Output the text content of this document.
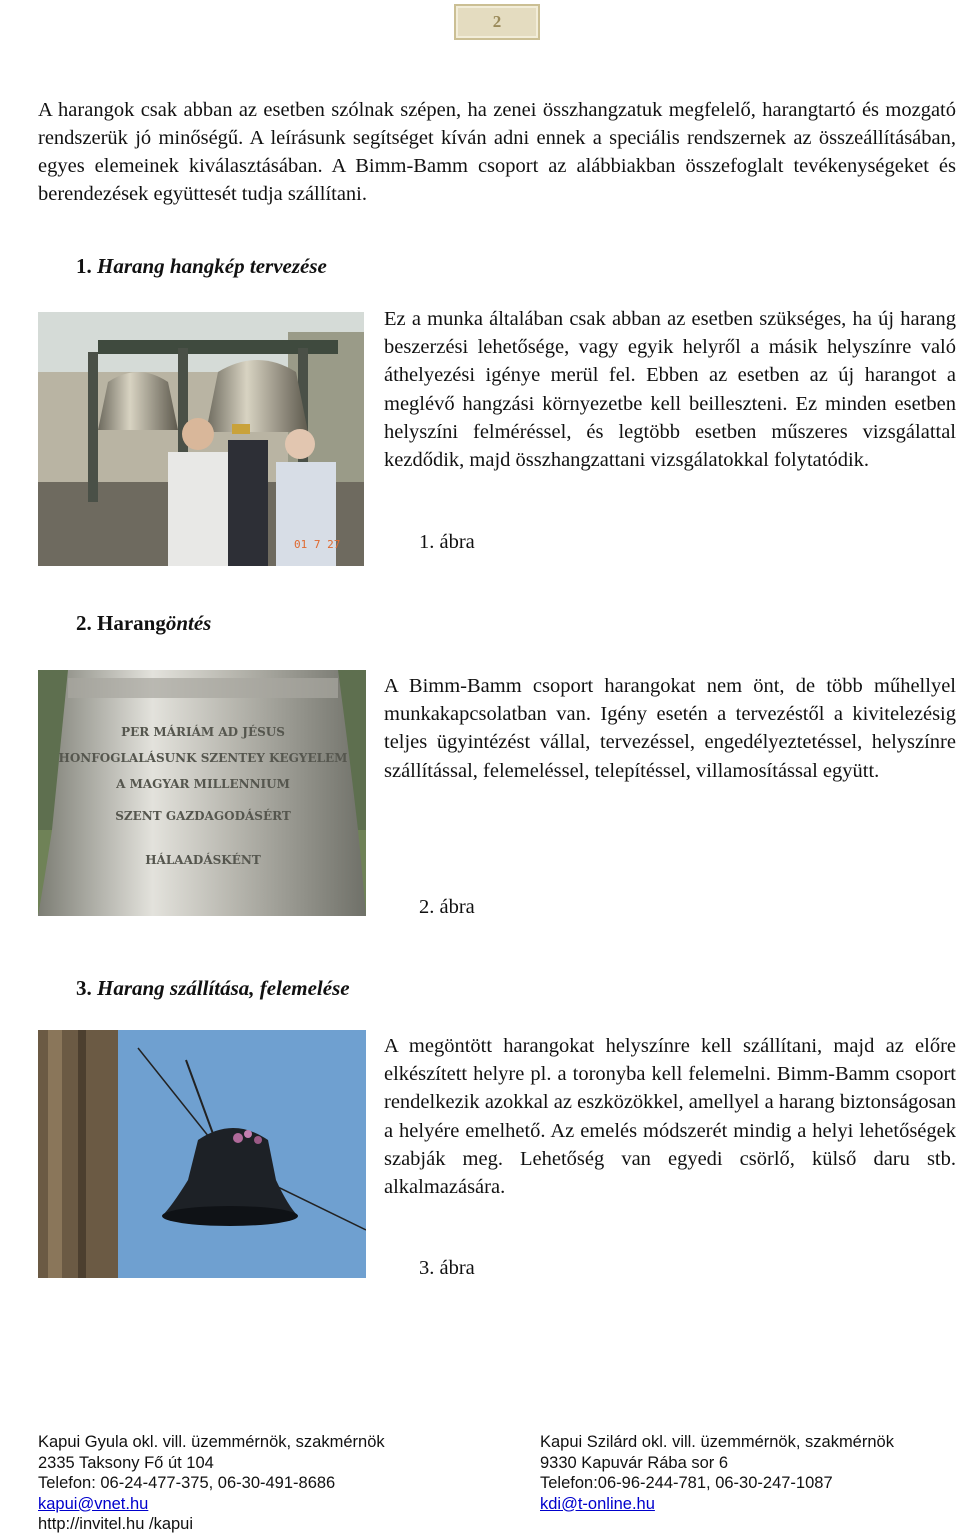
2

A harangok csak abban az esetben szólnak szépen, ha zenei összhangzatuk megfelelő, harangtartó és mozgató rendszerük jó minőségű. A leírásunk segítséget kíván adni ennek a speciális rendszernek az összeállításában, egyes elemeinek kiválasztásában. A Bimm-Bamm csoport az alábbiakban összefoglalt tevékenységeket és berendezések együttesét tudja szállítani.

1. Harang hangkép tervezése
01 7 27

Ez a munka általában csak abban az esetben szükséges, ha új harang beszerzési lehetősége, vagy egyik helyről a másik helyszínre való áthelyezési igénye merül fel. Ebben az esetben az új harangot a meglévő hangzási környezetbe kell beilleszteni. Ez minden esetben helyszíni felméréssel, és legtöbb esetben műszeres vizsgálattal kezdődik, majd összhangzattani vizsgálatokkal folytatódik.

1. ábra

2. Harangöntés
PER MÁRIÁM AD JÉSUS
HONFOGLALÁSUNK SZENTEY KEGYELEM
A MAGYAR MILLENNIUM
SZENT GAZDAGODÁSÉRT
HÁLAADÁSKÉNT

A Bimm-Bamm csoport harangokat nem önt, de több műhellyel munkakapcsolatban van. Igény esetén a tervezéstől a kivitelezésig teljes ügyintézést vállal, tervezéssel, engedélyeztetéssel, helyszínre szállítással, felemeléssel, telepítéssel, villamosítással együtt.

2. ábra

3. Harang szállítása, felemelése

A megöntött harangokat helyszínre kell szállítani, majd az előre elkészített helyre pl. a toronyba kell felemelni. Bimm-Bamm csoport rendelkezik azokkal az eszközökkel, amellyel a harang biztonságosan a helyére emelhető. Az emelés módszerét mindig a helyi lehetőségek szabják meg. Lehetőség van egyedi csörlő, külső daru stb. alkalmazására.

3. ábra

Kapui Gyula okl. vill. üzemmérnök, szakmérnök
2335 Taksony Fő út 104
Telefon: 06-24-477-375, 06-30-491-8686
kapui@vnet.hu
http://invitel.hu /kapui
Kapui Szilárd okl. vill. üzemmérnök, szakmérnök
9330 Kapuvár Rába sor 6
Telefon:06-96-244-781, 06-30-247-1087
kdi@t-online.hu
